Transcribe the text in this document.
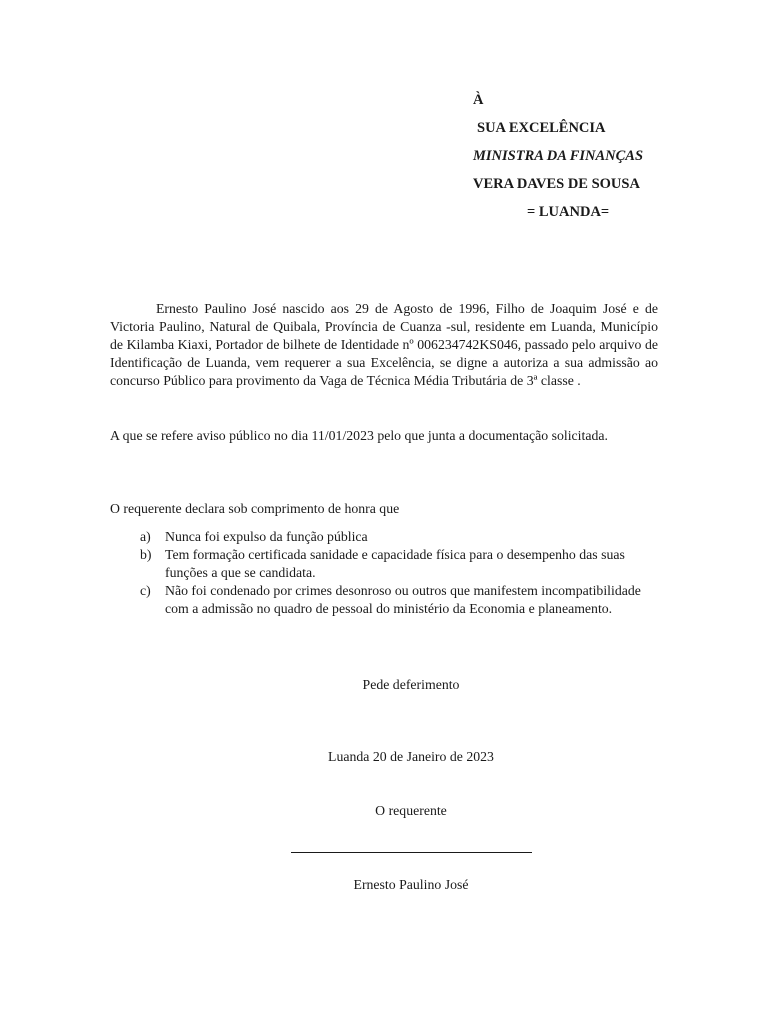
À
SUA EXCELÊNCIA
MINISTRA DA FINANÇAS
VERA DAVES DE SOUSA
= LUANDA=
Ernesto Paulino José nascido aos 29 de Agosto de 1996, Filho de Joaquim José e de Victoria Paulino, Natural de Quibala, Província de Cuanza -sul, residente em Luanda, Município de Kilamba Kiaxi, Portador de bilhete de Identidade nº 006234742KS046, passado pelo arquivo de Identificação de Luanda, vem requerer a sua Excelência, se digne a autoriza a sua admissão ao concurso Público para provimento da Vaga de Técnica Média Tributária de 3ª classe .
A que se refere aviso público no dia 11/01/2023 pelo que junta a documentação solicitada.
O requerente declara sob comprimento de honra que
a) Nunca foi expulso da função pública
b) Tem formação certificada sanidade e capacidade física para o desempenho das suas funções a que se candidata.
c) Não foi condenado por crimes desonroso ou outros que manifestem incompatibilidade com a admissão no quadro de pessoal do ministério da Economia e planeamento.
Pede deferimento
Luanda 20 de Janeiro de 2023
O requerente
Ernesto Paulino José
